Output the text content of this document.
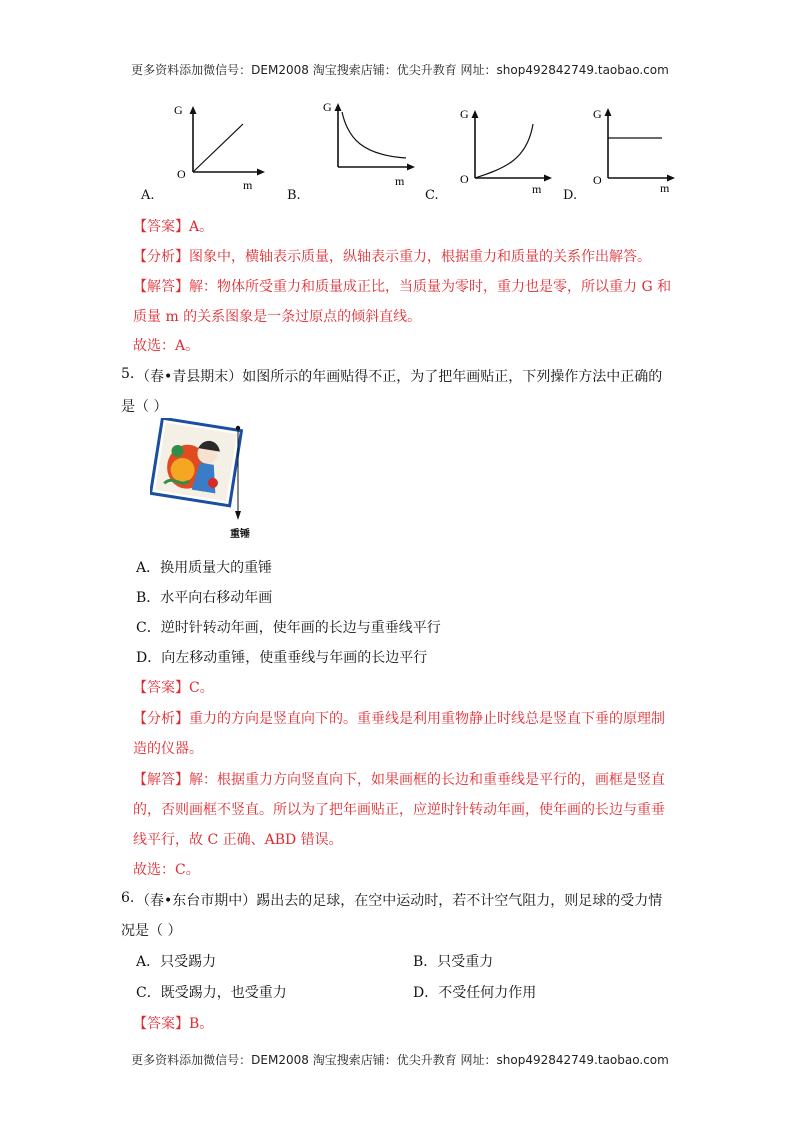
更多资料添加微信号：DEM2008 淘宝搜索店铺：优尖升教育 网址：shop492842749.taobao.com
A.
G
O
m
B.
G
m
C.
G
O
m D.
G
O
m
【答案】A。
【分析】图象中，横轴表示质量，纵轴表示重力，根据重力和质量的关系作出解答。
【解答】解：物体所受重力和质量成正比，当质量为零时，重力也是零，所以重力 G 和
质量 m 的关系图象是一条过原点的倾斜直线。
故选：A。
5. （春•青县期末）如图所示的年画贴得不正，为了把年画贴正，下列操作方法中正确的
是（ ）
重锤
A．换用质量大的重锤
B．水平向右移动年画
C．逆时针转动年画，使年画的长边与重垂线平行
D．向左移动重锤，使重垂线与年画的长边平行
【答案】C。
【分析】重力的方向是竖直向下的。重垂线是利用重物静止时线总是竖直下垂的原理制
造的仪器。
【解答】解：根据重力方向竖直向下，如果画框的长边和重垂线是平行的，画框是竖直
的，否则画框不竖直。所以为了把年画贴正，应逆时针转动年画，使年画的长边与重垂
线平行，故 C 正确、ABD 错误。
故选：C。
6. （春•东台市期中）踢出去的足球，在空中运动时，若不计空气阻力，则足球的受力情
况是（ ）
A．只受踢力	B．只受重力
C．既受踢力，也受重力	D．不受任何力作用
【答案】B。
更多资料添加微信号：DEM2008 淘宝搜索店铺：优尖升教育 网址：shop492842749.taobao.com
